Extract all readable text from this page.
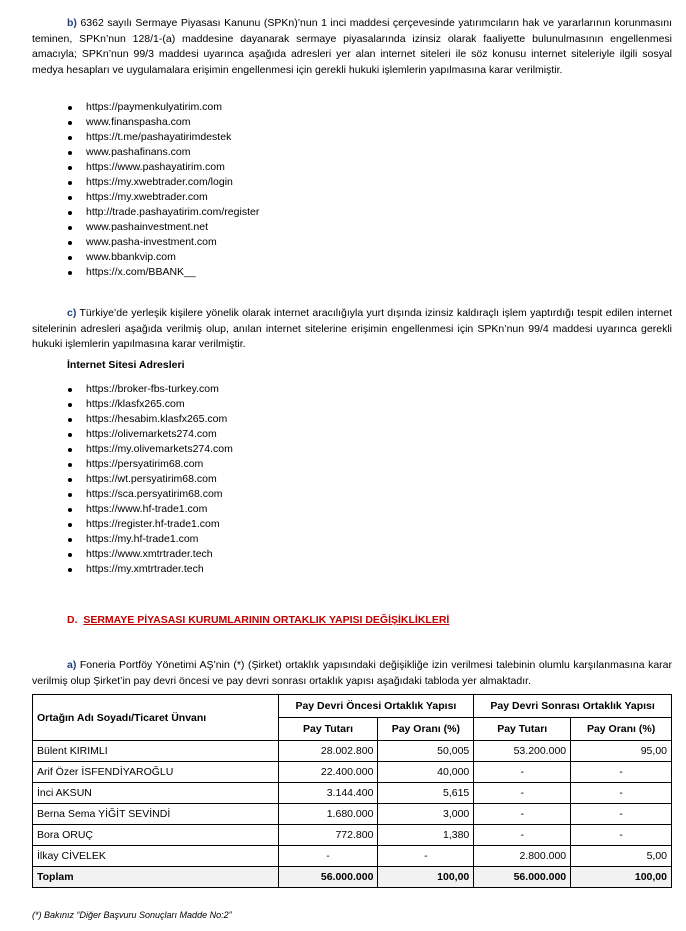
b) 6362 sayılı Sermaye Piyasası Kanunu (SPKn)’nun 1 inci maddesi çerçevesinde yatırımcıların hak ve yararlarının korunmasını teminen, SPKn’nun 128/1-(a) maddesine dayanarak sermaye piyasalarında izinsiz olarak faaliyette bulunulmasının engellenmesi amacıyla; SPKn’nun 99/3 maddesi uyarınca aşağıda adresleri yer alan internet siteleri ile söz konusu internet siteleriyle ilgili sosyal medya hesapları ve uygulamalara erişimin engellenmesi için gerekli hukuki işlemlerin yapılmasına karar verilmiştir.

https://paymenkulyatirim.com
www.finanspasha.com
https://t.me/pashayatirimdestek
www.pashafinans.com
https://www.pashayatirim.com
https://my.xwebtrader.com/login
https://my.xwebtrader.com
http://trade.pashayatirim.com/register
www.pashainvestment.net
www.pasha-investment.com
www.bbankvip.com
https://x.com/BBANK__

c) Türkiye’de yerleşik kişilere yönelik olarak internet aracılığıyla yurt dışında izinsiz kaldıraçlı işlem yaptırdığı tespit edilen internet sitelerinin adresleri aşağıda verilmiş olup, anılan internet sitelerine erişimin engellenmesi için SPKn’nun 99/4 maddesi uyarınca gerekli hukuki işlemlerin yapılmasına karar verilmiştir.

İnternet Sitesi Adresleri
https://broker-fbs-turkey.com
https://klasfx265.com
https://hesabim.klasfx265.com
https://olivemarkets274.com
https://my.olivemarkets274.com
https://persyatirim68.com
https://wt.persyatirim68.com
https://sca.persyatirim68.com
https://www.hf-trade1.com
https://register.hf-trade1.com
https://my.hf-trade1.com
https://www.xmtrtrader.tech
https://my.xmtrtrader.tech
D. SERMAYE PİYASASI KURUMLARININ ORTAKLIK YAPISI DEĞİŞİKLİKLERİ

a) Foneria Portföy Yönetimi AŞ’nin (*) (Şirket) ortaklık yapısındaki değişikliğe izin verilmesi talebinin olumlu karşılanmasına karar verilmiş olup Şirket’in pay devri öncesi ve pay devri sonrası ortaklık yapısı aşağıdaki tabloda yer almaktadır.

Ortağın Adı Soyadı/Ticaret Ünvanı	Pay Devri Öncesi Ortaklık Yapısı		Pay Devri Sonrası Ortaklık Yapısı	
	Pay Tutarı	Pay Oranı (%)	Pay Tutarı	Pay Oranı (%)
Bülent KIRIMLI	28.002.800	50,005	53.200.000	95,00
Arif Özer İSFENDİYAROĞLU	22.400.000	40,000	-	-
İnci AKSUN	3.144.400	5,615	-	-
Berna Sema YİĞİT SEVİNDİ	1.680.000	3,000	-	-
Bora ORUÇ	772.800	1,380	-	-
İlkay CİVELEK	-	-	2.800.000	5,00
Toplam	56.000.000	100,00	56.000.000	100,00
(*) Bakınız “Diğer Başvuru Sonuçları Madde No:2”
